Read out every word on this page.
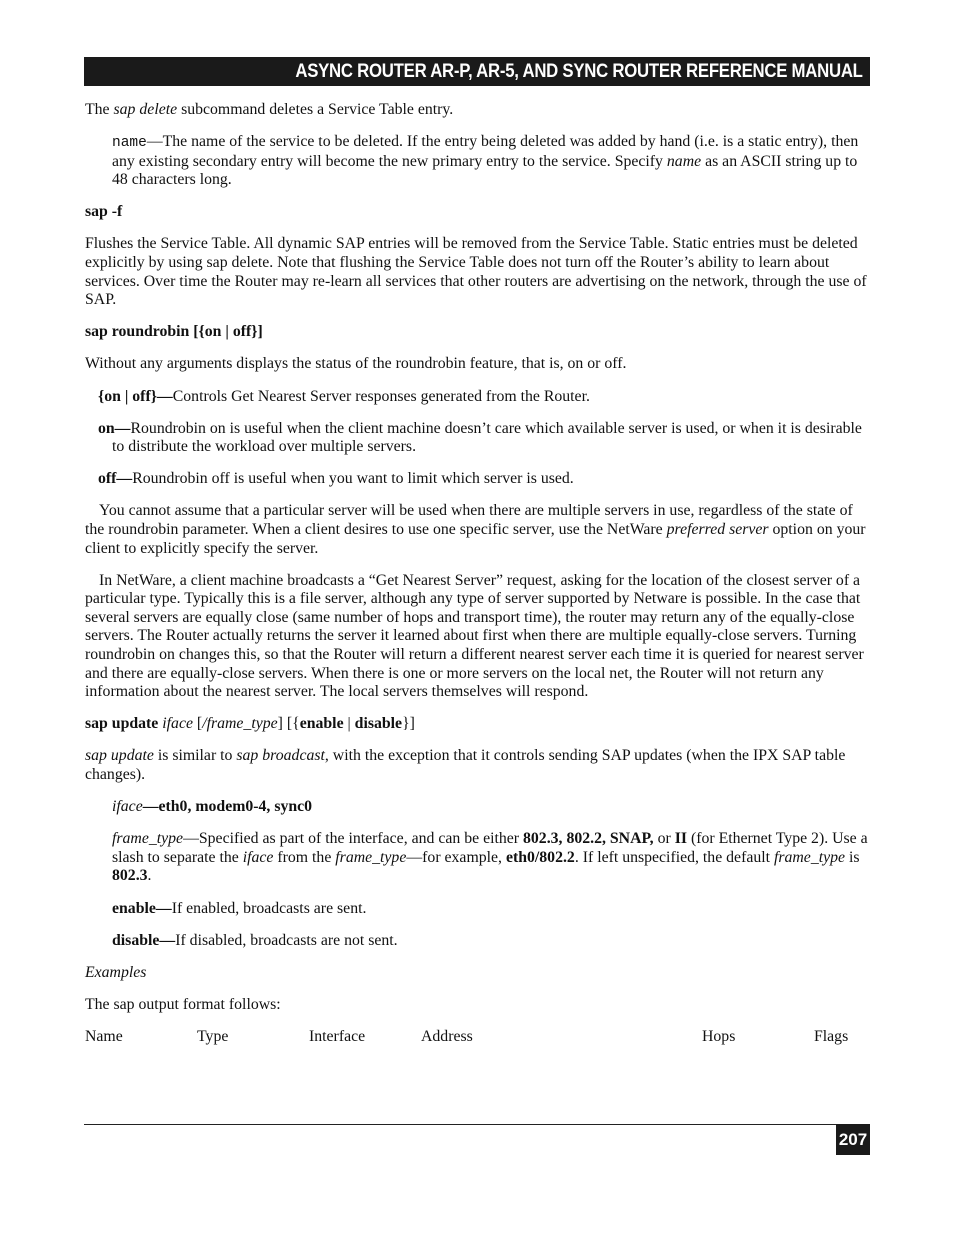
ASYNC ROUTER AR-P, AR-5, AND SYNC ROUTER REFERENCE MANUAL

The sap delete subcommand deletes a Service Table entry.

name—The name of the service to be deleted. If the entry being deleted was added by hand (i.e. is a static entry), then any existing secondary entry will become the new primary entry to the service. Specify name as an ASCII string up to 48 characters long.

sap -f

Flushes the Service Table. All dynamic SAP entries will be removed from the Service Table. Static entries must be deleted explicitly by using sap delete. Note that flushing the Service Table does not turn off the Router’s ability to learn about services. Over time the Router may re-learn all services that other routers are advertising on the network, through the use of SAP.

sap roundrobin [{on | off}]

Without any arguments displays the status of the roundrobin feature, that is, on or off.

{on | off}—Controls Get Nearest Server responses generated from the Router.

on—Roundrobin on is useful when the client machine doesn’t care which available server is used, or when it is desirable to distribute the workload over multiple servers.

off—Roundrobin off is useful when you want to limit which server is used.

You cannot assume that a particular server will be used when there are multiple servers in use, regardless of the state of the roundrobin parameter. When a client desires to use one specific server, use the NetWare preferred server option on your client to explicitly specify the server.

In NetWare, a client machine broadcasts a “Get Nearest Server” request, asking for the location of the closest server of a particular type. Typically this is a file server, although any type of server supported by Netware is possible. In the case that several servers are equally close (same number of hops and transport time), the router may return any of the equally-close servers. The Router actually returns the server it learned about first when there are multiple equally-close servers. Turning roundrobin on changes this, so that the Router will return a different nearest server each time it is queried for nearest server and there are equally-close servers. When there is one or more servers on the local net, the Router will not return any information about the nearest server. The local servers themselves will respond.

sap update iface [/frame_type] [{enable | disable}]

sap update is similar to sap broadcast, with the exception that it controls sending SAP updates (when the IPX SAP table changes).

iface—eth0, modem0-4, sync0

frame_type—Specified as part of the interface, and can be either 802.3, 802.2, SNAP, or II (for Ethernet Type 2). Use a slash to separate the iface from the frame_type—for example, eth0/802.2. If left unspecified, the default frame_type is 802.3.

enable—If enabled, broadcasts are sent.

disable—If disabled, broadcasts are not sent.

Examples

The sap output format follows:

Name	Type	Interface	Address	Hops	Flags
207
